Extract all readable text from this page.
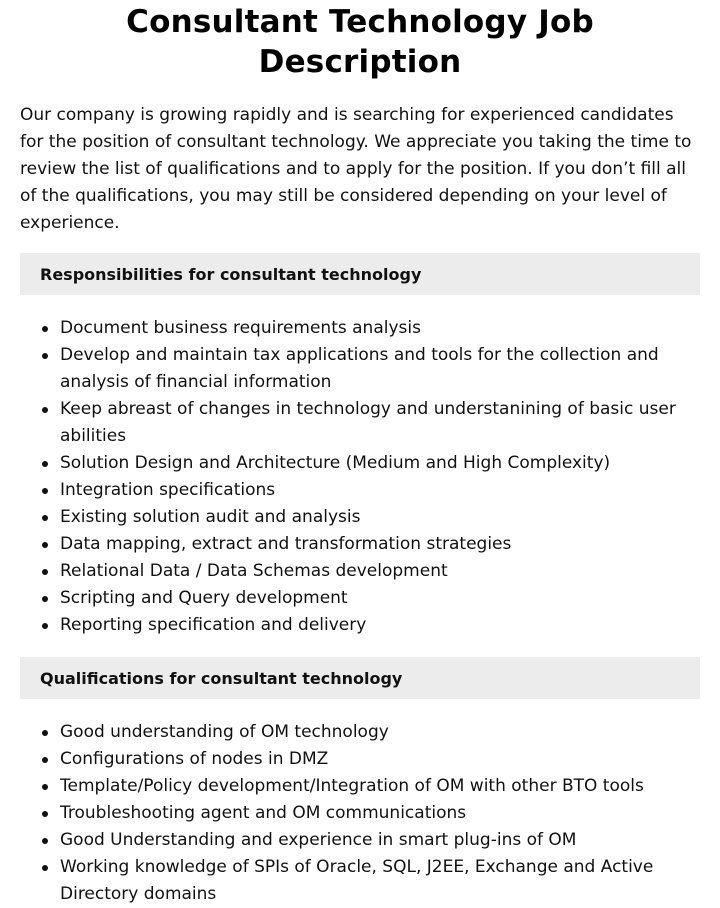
Consultant Technology Job Description

Our company is growing rapidly and is searching for experienced candidates for the position of consultant technology. We appreciate you taking the time to review the list of qualifications and to apply for the position. If you don’t fill all of the qualifications, you may still be considered depending on your level of experience.

Responsibilities for consultant technology
Document business requirements analysis
Develop and maintain tax applications and tools for the collection and analysis of financial information
Keep abreast of changes in technology and understanining of basic user abilities
Solution Design and Architecture (Medium and High Complexity)
Integration specifications
Existing solution audit and analysis
Data mapping, extract and transformation strategies
Relational Data / Data Schemas development
Scripting and Query development
Reporting specification and delivery
Qualifications for consultant technology
Good understanding of OM technology
Configurations of nodes in DMZ
Template/Policy development/Integration of OM with other BTO tools
Troubleshooting agent and OM communications
Good Understanding and experience in smart plug-ins of OM
Working knowledge of SPIs of Oracle, SQL, J2EE, Exchange and Active Directory domains
